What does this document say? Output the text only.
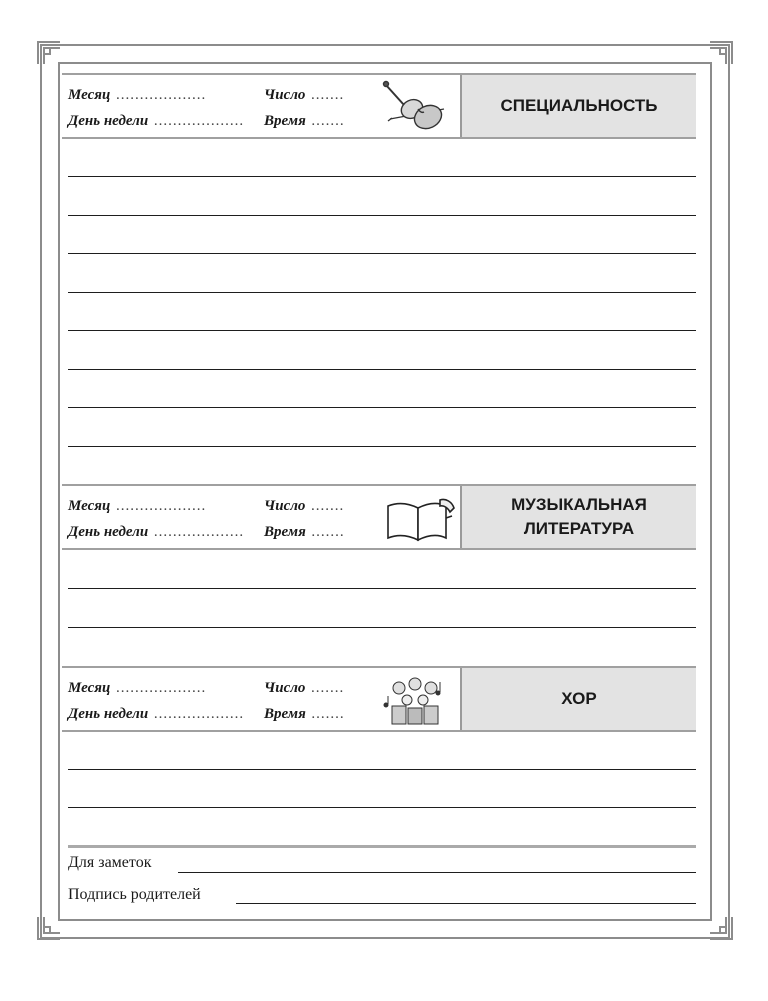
Месяц ...................
День недели ...................
Число .......
Время .......
СПЕЦИАЛЬНОСТЬ
Месяц ...................
День недели ...................
Число .......
Время .......
МУЗЫКАЛЬНАЯ
ЛИТЕРАТУРА
Месяц ...................
День недели ...................
Число .......
Время .......
ХОР
Для заметок
Подпись родителей
